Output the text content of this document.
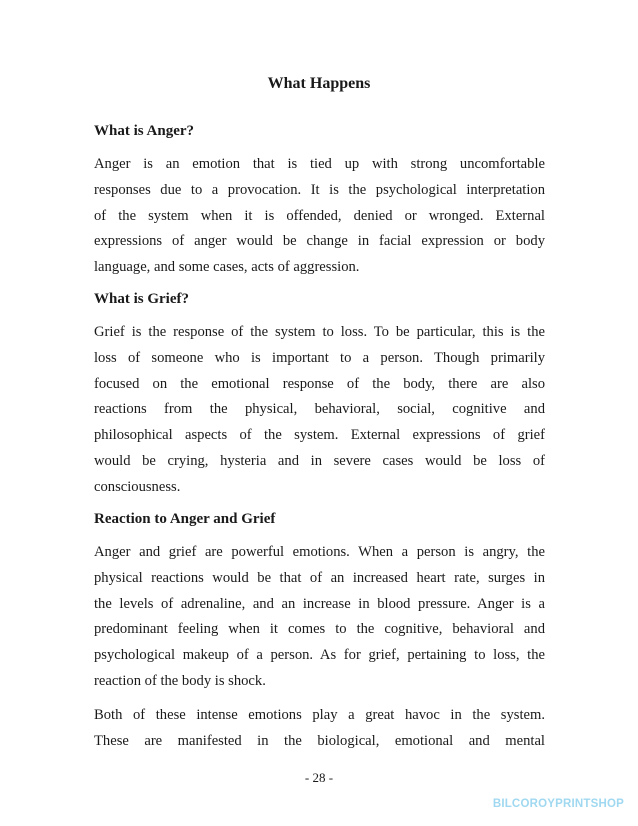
What Happens
What is Anger?
Anger is an emotion that is tied up with strong uncomfortable
responses due to a provocation. It is the psychological interpretation
of the system when it is offended, denied or wronged. External
expressions of anger would be change in facial expression or body
language, and some cases, acts of aggression.
What is Grief?
Grief is the response of the system to loss. To be particular, this is the
loss of someone who is important to a person. Though primarily
focused on the emotional response of the body, there are also
reactions from the physical, behavioral, social, cognitive and
philosophical aspects of the system. External expressions of grief
would be crying, hysteria and in severe cases would be loss of
consciousness.
Reaction to Anger and Grief
Anger and grief are powerful emotions. When a person is angry, the
physical reactions would be that of an increased heart rate, surges in
the levels of adrenaline, and an increase in blood pressure. Anger is a
predominant feeling when it comes to the cognitive, behavioral and
psychological makeup of a person. As for grief, pertaining to loss, the
reaction of the body is shock.
Both of these intense emotions play a great havoc in the system.
These are manifested in the biological, emotional and mental
- 28 -
BILCOROYPRINTSHOP
